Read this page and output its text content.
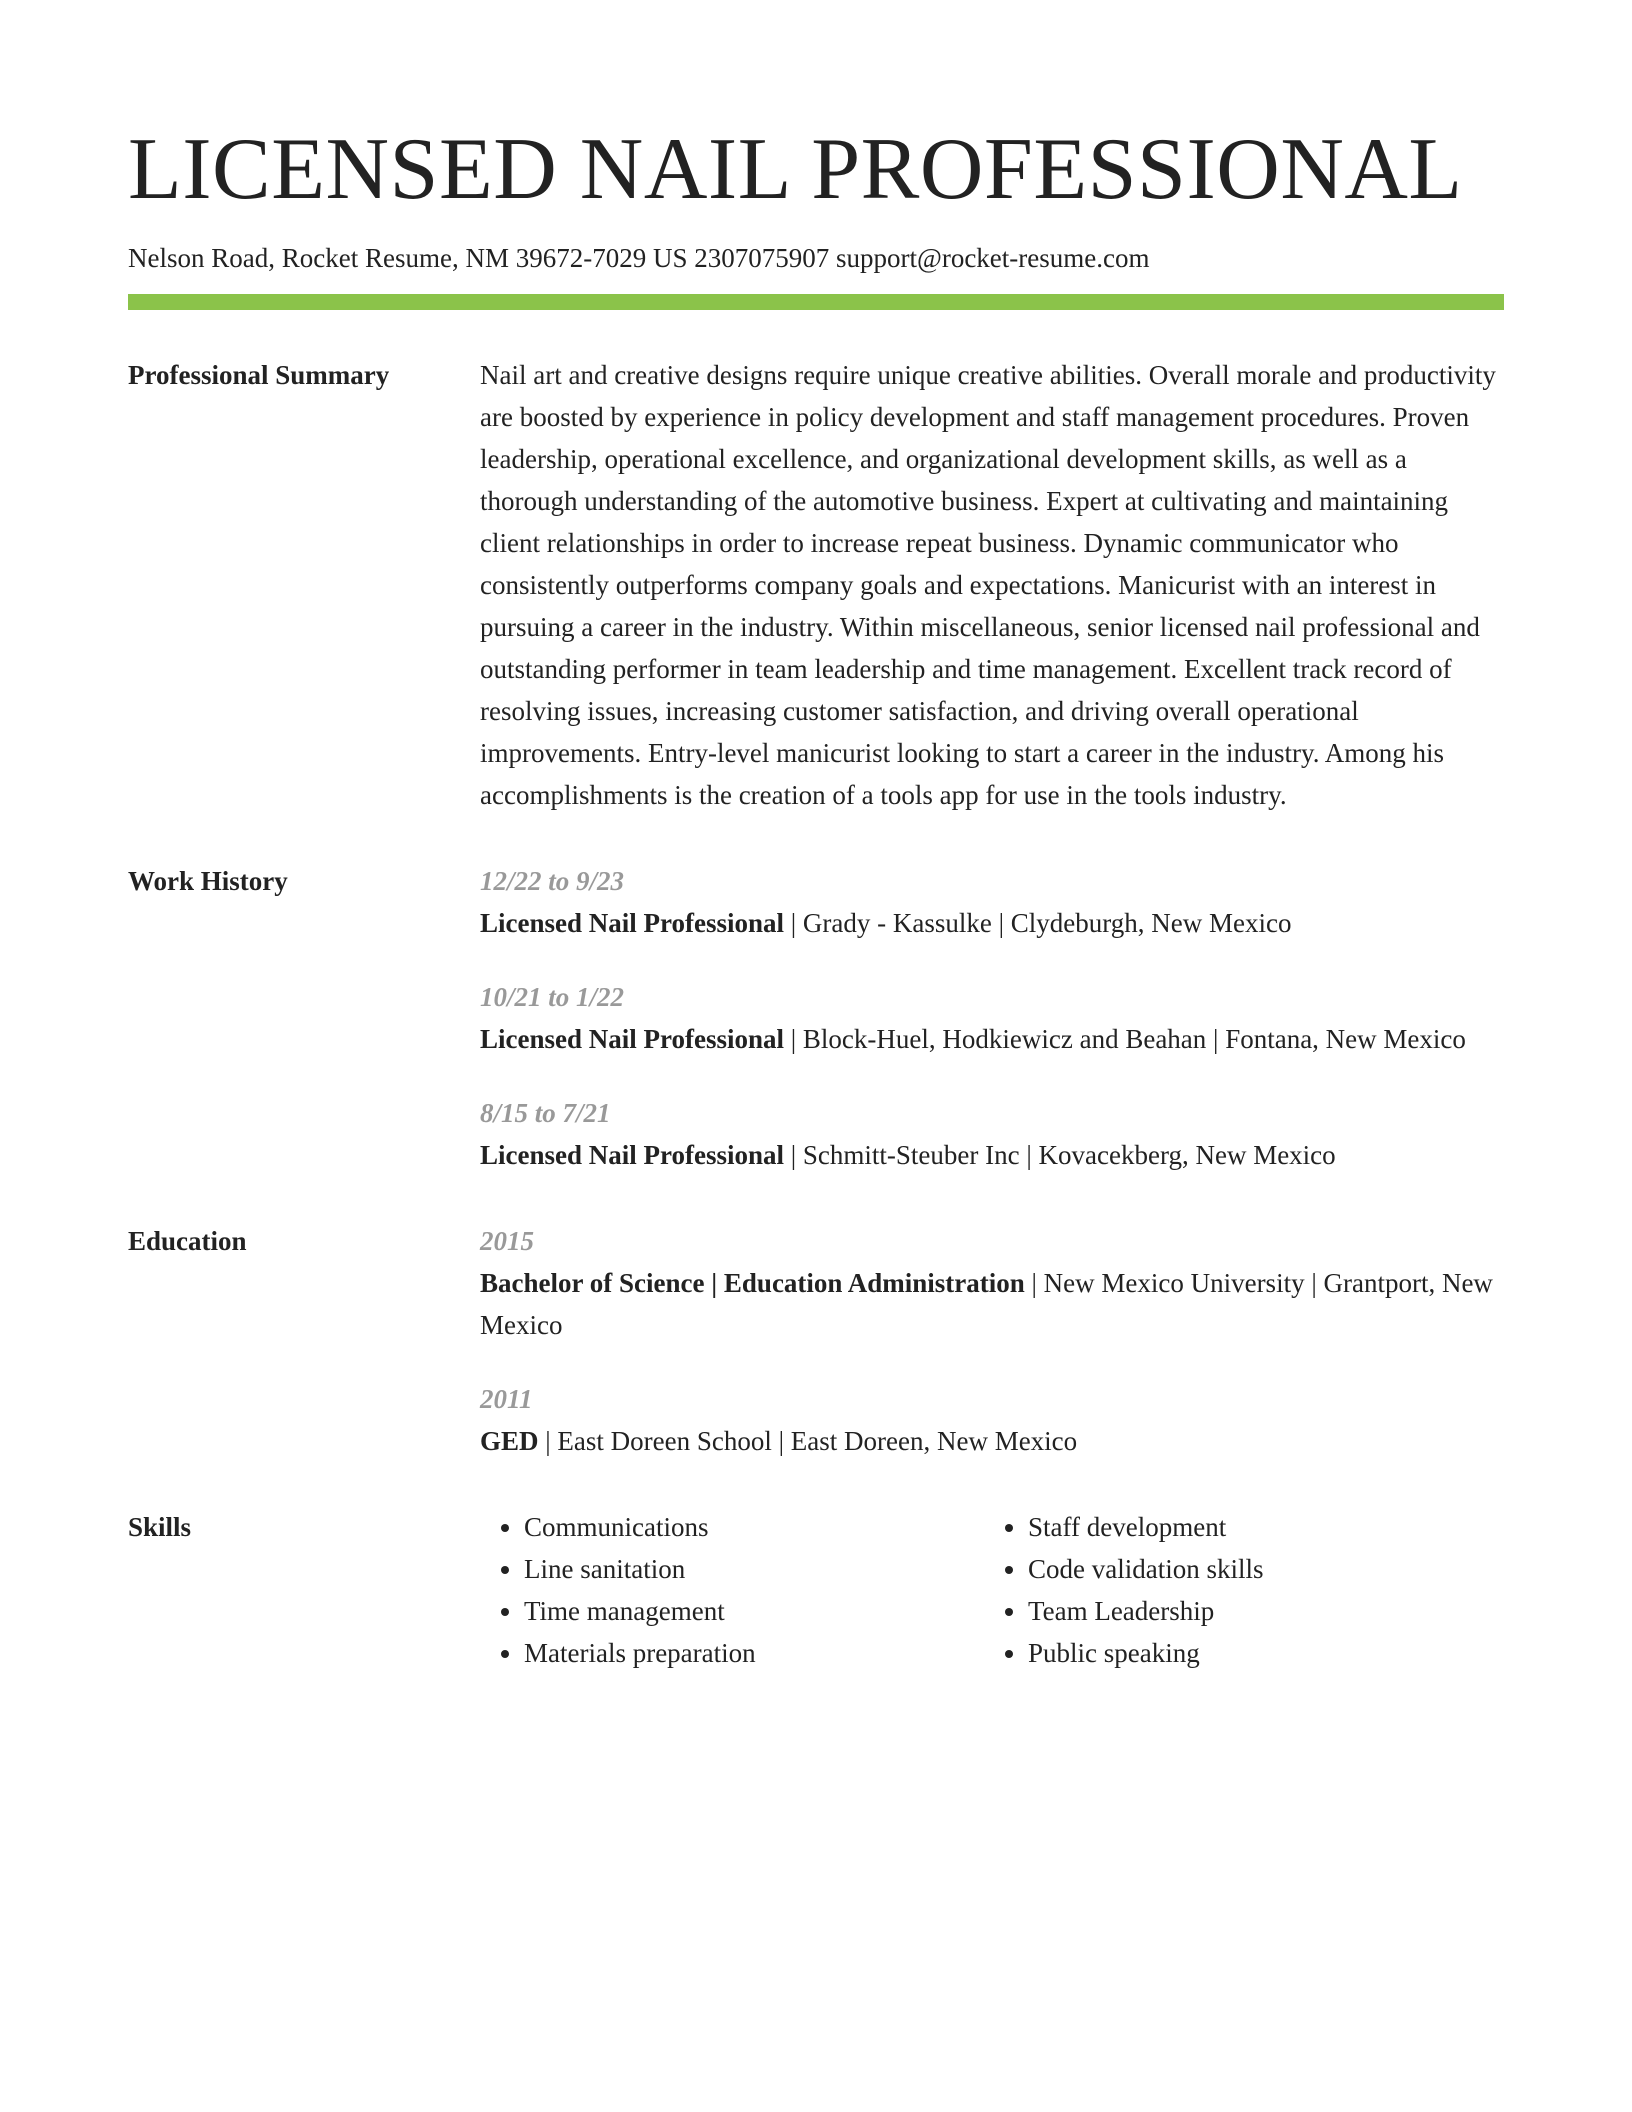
LICENSED NAIL PROFESSIONAL
Nelson Road, Rocket Resume, NM 39672-7029 US 2307075907 support@rocket-resume.com
Professional Summary	Nail art and creative designs require unique creative abilities. Overall morale and productivity are boosted by experience in policy development and staff management procedures. Proven leadership, operational excellence, and organizational development skills, as well as a thorough understanding of the automotive business. Expert at cultivating and maintaining client relationships in order to increase repeat business. Dynamic communicator who consistently outperforms company goals and expectations. Manicurist with an interest in pursuing a career in the industry. Within miscellaneous, senior licensed nail professional and outstanding performer in team leadership and time management. Excellent track record of resolving issues, increasing customer satisfaction, and driving overall operational improvements. Entry-level manicurist looking to start a career in the industry. Among his accomplishments is the creation of a tools app for use in the tools industry.

Work History	12/22 to 9/23
Licensed Nail Professional | Grady - Kassulke | Clydeburgh, New Mexico
10/21 to 1/22
Licensed Nail Professional | Block-Huel, Hodkiewicz and Beahan | Fontana, New Mexico
8/15 to 7/21
Licensed Nail Professional | Schmitt-Steuber Inc | Kovacekberg, New Mexico
Education	2015
Bachelor of Science | Education Administration | New Mexico University | Grantport, New Mexico
2011
GED | East Doreen School | East Doreen, New Mexico
Skills
•	Communications
• Line sanitation
• Time management
• Materials preparation
• Staff development
• Code validation skills
• Team Leadership
• Public speaking
